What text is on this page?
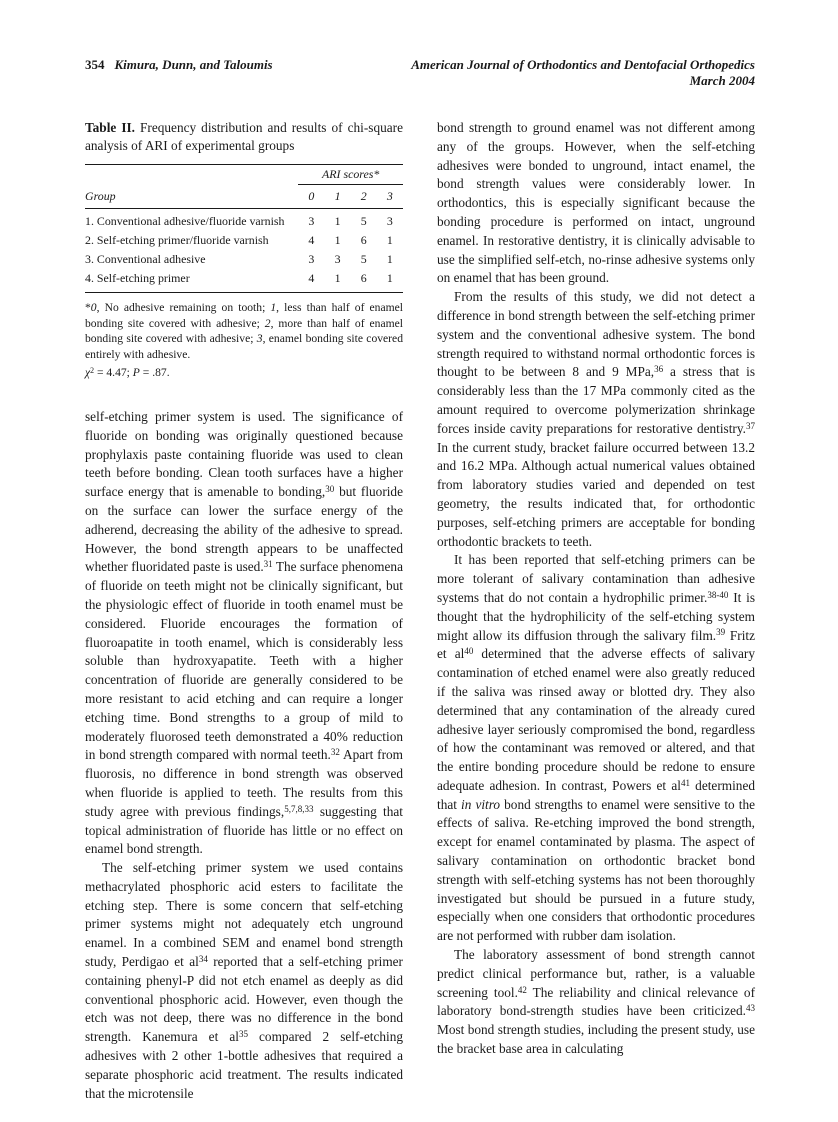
354 Kimura, Dunn, and Taloumis	American Journal of Orthodontics and Dentofacial Orthopedics
March 2004

Table II. Frequency distribution and results of chi-square analysis of ARI of experimental groups

	ARI scores*			
Group	0	1	2	3
1. Conventional adhesive/fluoride varnish	3	1	5	3
2. Self-etching primer/fluoride varnish	4	1	6	1
3. Conventional adhesive	3	3	5	1
4. Self-etching primer	4	1	6	1

*0, No adhesive remaining on tooth; 1, less than half of enamel bonding site covered with adhesive; 2, more than half of enamel bonding site covered with adhesive; 3, enamel bonding site covered entirely with adhesive.

$\chi^2 = 4.47$; P = .87.

self-etching primer system is used. The significance of fluoride on bonding was originally questioned because prophylaxis paste containing fluoride was used to clean teeth before bonding. Clean tooth surfaces have a higher surface energy that is amenable to bonding,$^{30}$ but fluoride on the surface can lower the surface energy of the adherend, decreasing the ability of the adhesive to spread. However, the bond strength appears to be unaffected whether fluoridated paste is used.$^{31}$ The surface phenomena of fluoride on teeth might not be clinically significant, but the physiologic effect of fluoride in tooth enamel must be considered. Fluoride encourages the formation of fluoroapatite in tooth enamel, which is considerably less soluble than hydroxyapatite. Teeth with a higher concentration of fluoride are generally considered to be more resistant to acid etching and can require a longer etching time. Bond strengths to a group of mild to moderately fluorosed teeth demonstrated a 40% reduction in bond strength compared with normal teeth.$^{32}$ Apart from fluorosis, no difference in bond strength was observed when fluoride is applied to teeth. The results from this study agree with previous findings,$^{5,7,8,33}$ suggesting that topical administration of fluoride has little or no effect on enamel bond strength.

The self-etching primer system we used contains methacrylated phosphoric acid esters to facilitate the etching step. There is some concern that self-etching primer systems might not adequately etch unground enamel. In a combined SEM and enamel bond strength study, Perdigao et $al^{34}$ reported that a self-etching primer containing phenyl-P did not etch enamel as deeply as did conventional phosphoric acid. However, even though the etch was not deep, there was no difference in the bond strength. Kanemura et $al^{35}$ compared 2 self-etching adhesives with 2 other 1-bottle adhesives that required a separate phosphoric acid treatment. The results indicated that the microtensile

bond strength to ground enamel was not different among any of the groups. However, when the self-etching adhesives were bonded to unground, intact enamel, the bond strength values were considerably lower. In orthodontics, this is especially significant because the bonding procedure is performed on intact, unground enamel. In restorative dentistry, it is clinically advisable to use the simplified self-etch, no-rinse adhesive systems only on enamel that has been ground.

From the results of this study, we did not detect a difference in bond strength between the self-etching primer system and the conventional adhesive system. The bond strength required to withstand normal orthodontic forces is thought to be between 8 and 9 MPa,$^{36}$ a stress that is considerably less than the 17 MPa commonly cited as the amount required to overcome polymerization shrinkage forces inside cavity preparations for restorative dentistry.$^{37}$ In the current study, bracket failure occurred between 13.2 and 16.2 MPa. Although actual numerical values obtained from laboratory studies varied and depended on test geometry, the results indicated that, for orthodontic purposes, self-etching primers are acceptable for bonding orthodontic brackets to teeth.

It has been reported that self-etching primers can be more tolerant of salivary contamination than adhesive systems that do not contain a hydrophilic primer.$^{38-40}$ It is thought that the hydrophilicity of the self-etching system might allow its diffusion through the salivary film.$^{39}$ Fritz et $al^{40}$ determined that the adverse effects of salivary contamination of etched enamel were also greatly reduced if the saliva was rinsed away or blotted dry. They also determined that any contamination of the already cured adhesive layer seriously compromised the bond, regardless of how the contaminant was removed or altered, and that the entire bonding procedure should be redone to ensure adequate adhesion. In contrast, Powers et $al^{41}$ determined that in vitro bond strengths to enamel were sensitive to the effects of saliva. Re-etching improved the bond strength, except for enamel contaminated by plasma. The aspect of salivary contamination on orthodontic bracket bond strength with self-etching systems has not been thoroughly investigated but should be pursued in a future study, especially when one considers that orthodontic procedures are not performed with rubber dam isolation.

The laboratory assessment of bond strength cannot predict clinical performance but, rather, is a valuable screening tool.$^{42}$ The reliability and clinical relevance of laboratory bond-strength studies have been criticized.$^{43}$ Most bond strength studies, including the present study, use the bracket base area in calculating
